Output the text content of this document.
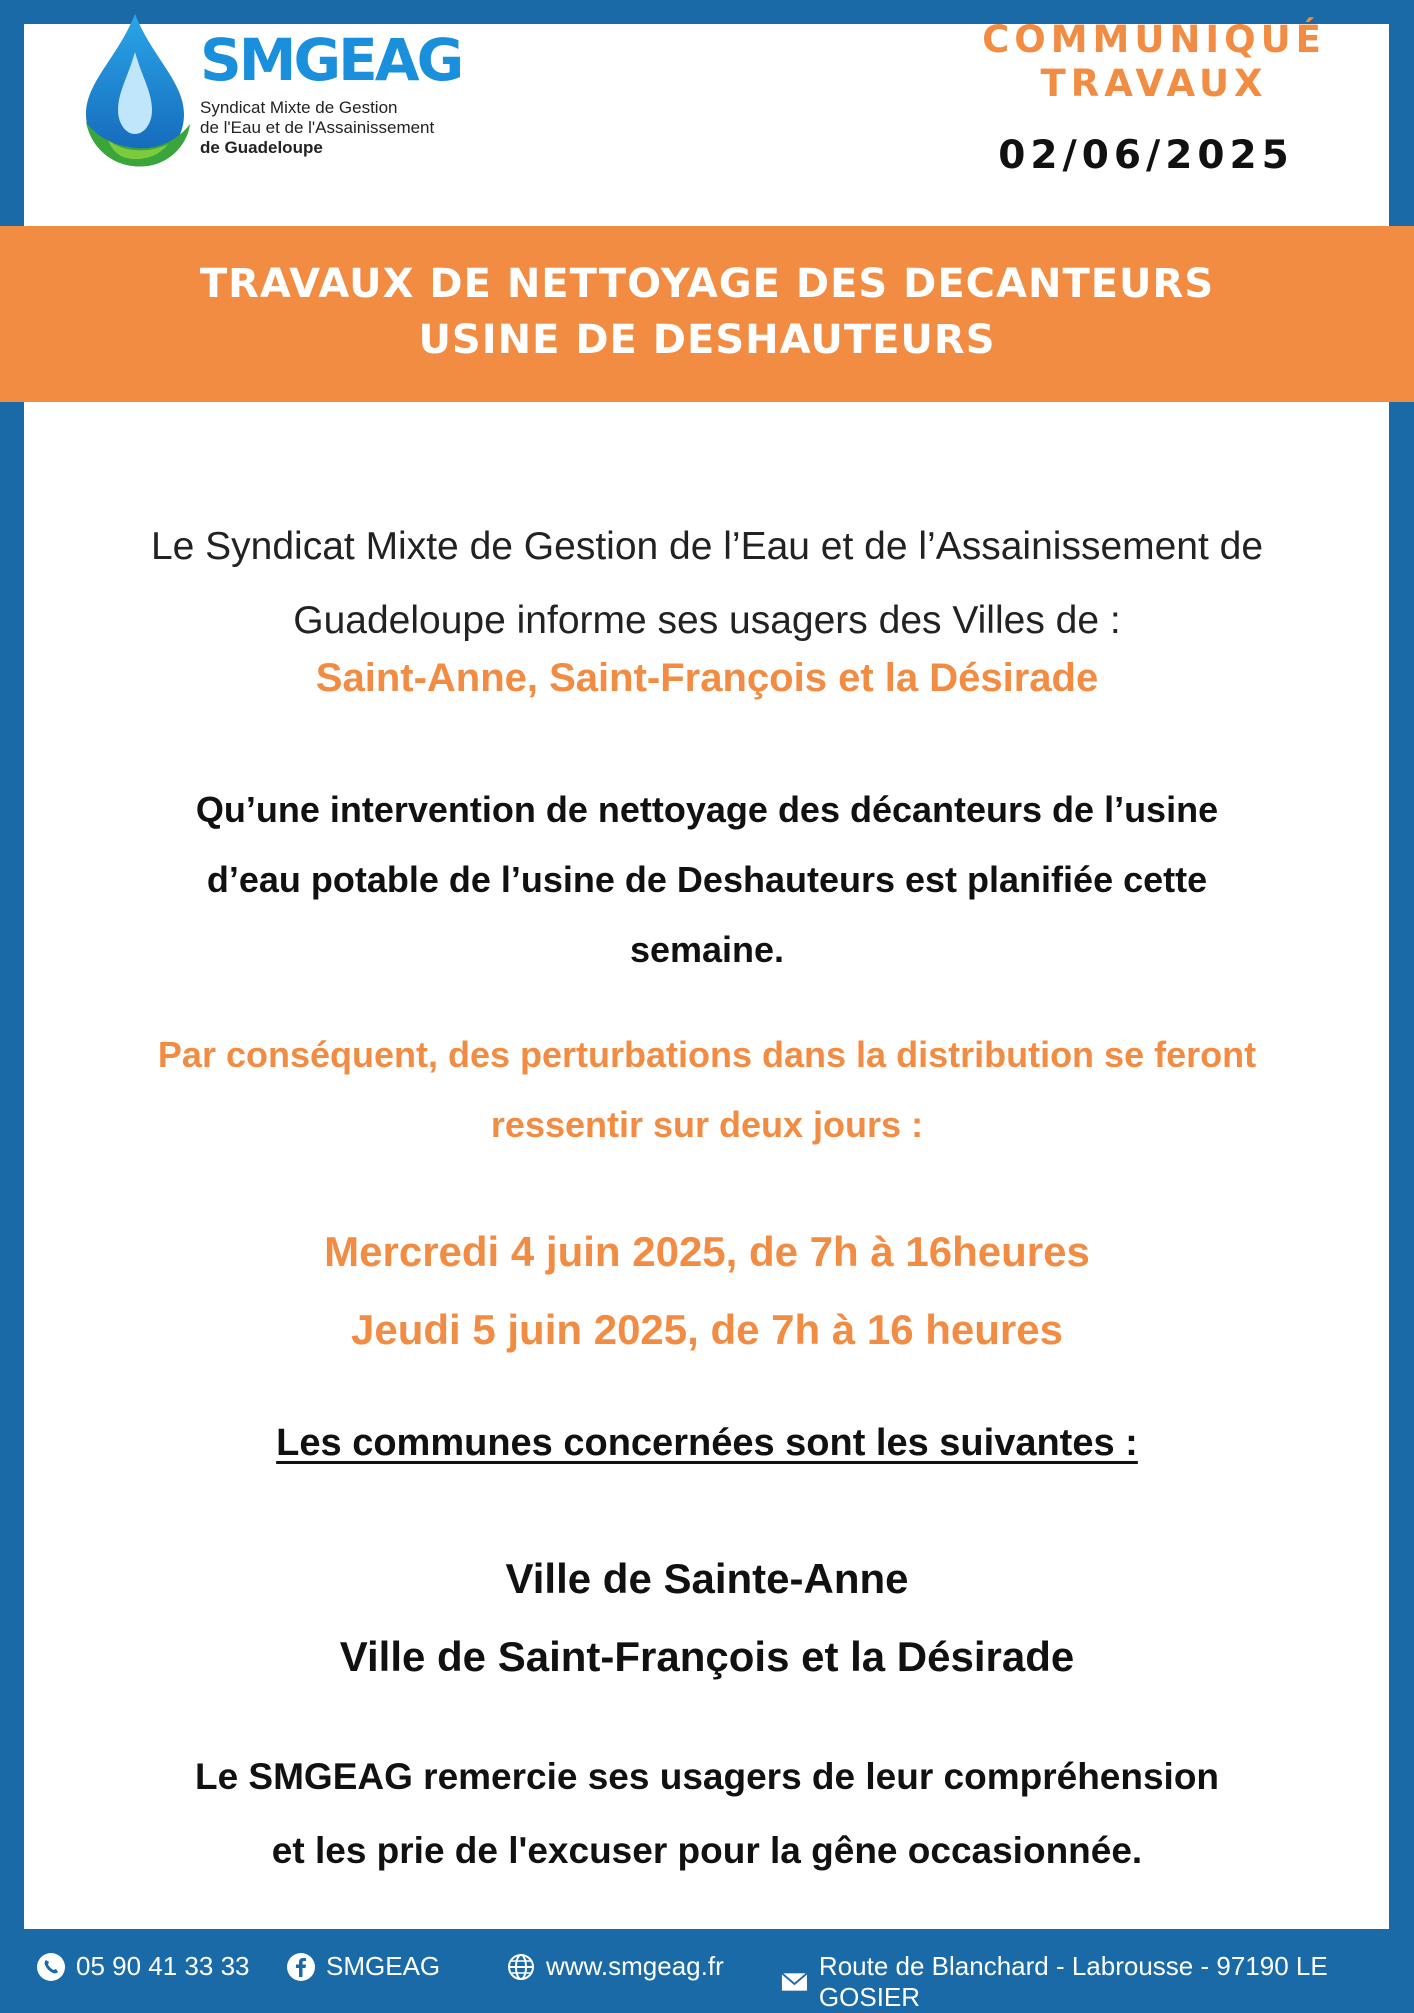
SMGEAG
Syndicat Mixte de Gestion
de l'Eau et de l'Assainissement
de Guadeloupe
COMMUNIQUÉ
TRAVAUX
02/06/2025
TRAVAUX DE NETTOYAGE DES DECANTEURS
USINE DE DESHAUTEURS
Le Syndicat Mixte de Gestion de l’Eau et de l’Assainissement de
Guadeloupe informe ses usagers des Villes de :
Saint-Anne, Saint-François et la Désirade
Qu’une intervention de nettoyage des décanteurs de l’usine
d’eau potable de l’usine de Deshauteurs est planifiée cette
semaine.
Par conséquent, des perturbations dans la distribution se feront
ressentir sur deux jours :
Mercredi 4 juin 2025, de 7h à 16heures
Jeudi 5 juin 2025, de 7h à 16 heures
Les communes concernées sont les suivantes :
Ville de Sainte-Anne
Ville de Saint-François et la Désirade
Le SMGEAG remercie ses usagers de leur compréhension
et les prie de l'excuser pour la gêne occasionnée.
05 90 41 33 33	SMGEAG	www.smgeag.fr	Route de Blanchard - Labrousse - 97190 LE GOSIER
